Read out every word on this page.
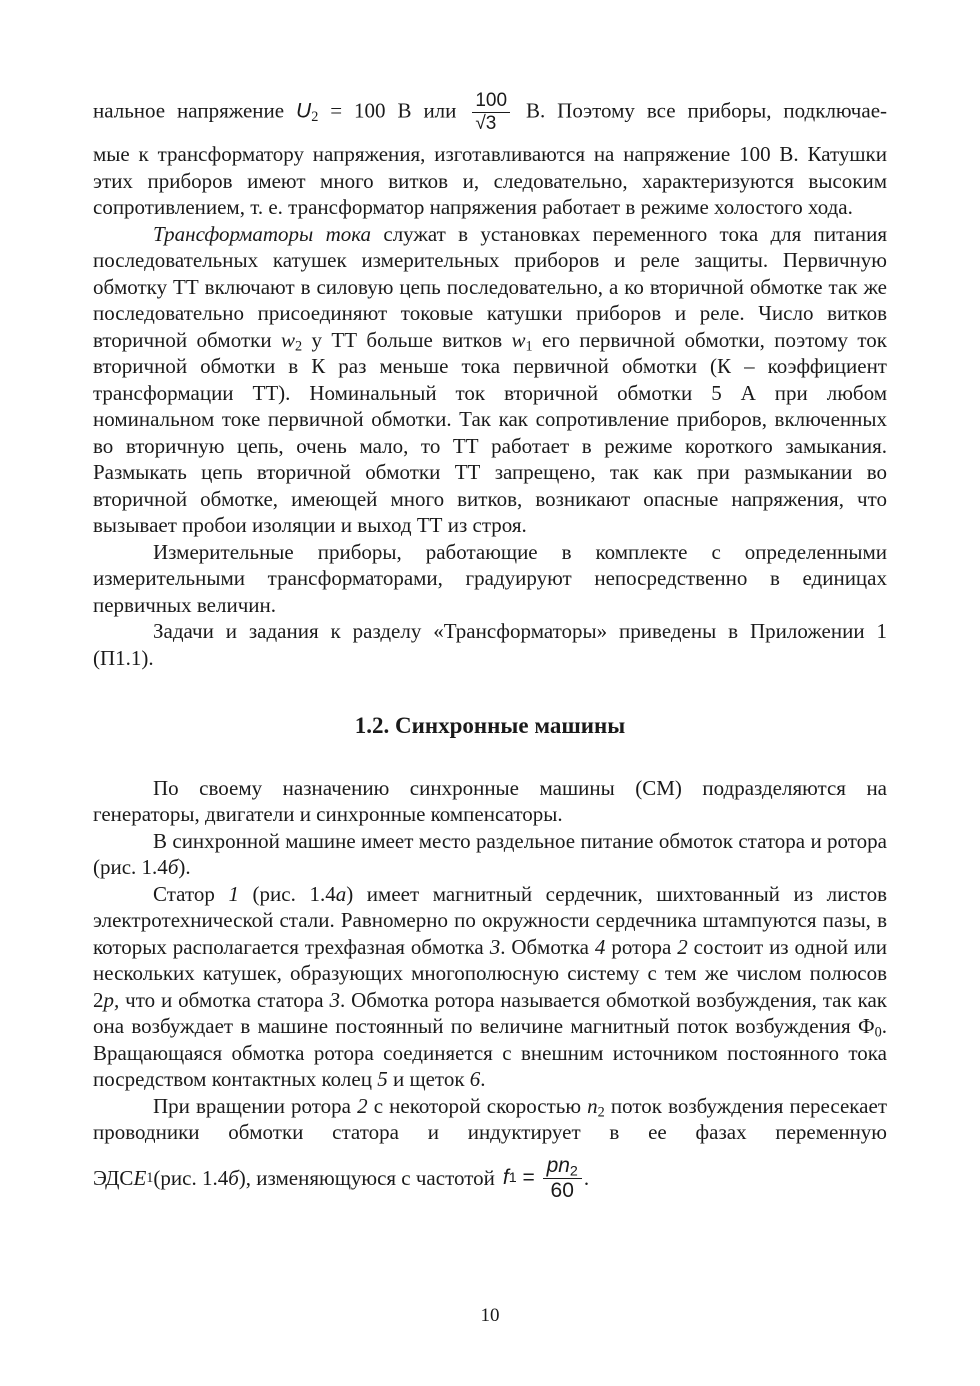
нальное напряжение $U_2 = 100$ В или $\frac{100}{√3} В$. Поэтому все приборы, подключае-

мые к трансформатору напряжения, изготавливаются на напряжение 100 В. Катушки этих приборов имеют много витков и, следовательно, характеризуются высоким сопротивлением, т. е. трансформатор напряжения работает в режиме холостого хода.

Трансформаторы тока служат в установках переменного тока для питания последовательных катушек измерительных приборов и реле защиты. Первичную обмотку ТТ включают в силовую цепь последовательно, а ко вторичной обмотке так же последовательно присоединяют токовые катушки приборов и реле. Число витков вторичной обмотки $w_2$ у ТТ больше витков $w_1$ его первичной обмотки, поэтому ток вторичной обмотки в К раз меньше тока первичной обмотки (К – коэффициент трансформации ТТ). Номинальный ток вторичной обмотки 5 А при любом номинальном токе первичной обмотки. Так как сопротивление приборов, включенных во вторичную цепь, очень мало, то ТТ работает в режиме короткого замыкания. Размыкать цепь вторичной обмотки ТТ запрещено, так как при размыкании во вторичной обмотке, имеющей много витков, возникают опасные напряжения, что вызывает пробои изоляции и выход ТТ из строя.

Измерительные приборы, работающие в комплекте с определенными измерительными трансформаторами, градуируют непосредственно в единицах первичных величин.

Задачи и задания к разделу «Трансформаторы» приведены в Приложении 1 (П1.1).

1.2. Синхронные машины

По своему назначению синхронные машины (СМ) подразделяются на генераторы, двигатели и синхронные компенсаторы.

В синхронной машине имеет место раздельное питание обмоток статора и ротора (рис. 1.4б).

Статор 1 (рис. 1.4а) имеет магнитный сердечник, шихтованный из листов электротехнической стали. Равномерно по окружности сердечника штампуются пазы, в которых располагается трехфазная обмотка 3. Обмотка 4 ротора 2 состоит из одной или нескольких катушек, образующих многополюсную систему с тем же числом полюсов 2p, что и обмотка статора 3. Обмотка ротора называется обмоткой возбуждения, так как она возбуждает в машине постоянный по величине магнитный поток возбуждения $Ф_0$. Вращающаяся обмотка ротора соединяется с внешним источником постоянного тока посредством контактных колец 5 и щеток 6.

При вращении ротора 2 с некоторой скоростью $n_2$ поток возбуждения пересекает проводники обмотки статора и индуктирует в ее фазах переменную

ЭДС E 1 (рис. 1.4 б ), изменяющуюся с частотой f $1 = \frac{pn_2}{60}$ .
10
